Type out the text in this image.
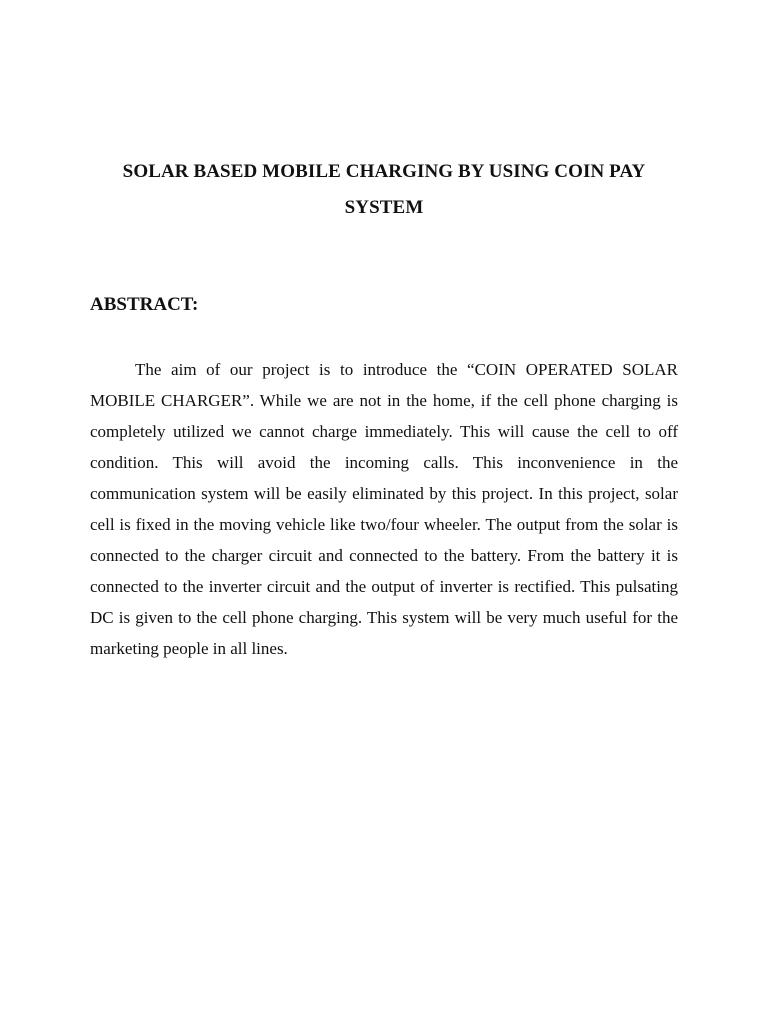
SOLAR BASED MOBILE CHARGING BY USING COIN PAY
SYSTEM
ABSTRACT:

The aim of our project is to introduce the “COIN OPERATED SOLAR MOBILE CHARGER”. While we are not in the home, if the cell phone charging is completely utilized we cannot charge immediately. This will cause the cell to off condition. This will avoid the incoming calls. This inconvenience in the communication system will be easily eliminated by this project. In this project, solar cell is fixed in the moving vehicle like two/four wheeler. The output from the solar is connected to the charger circuit and connected to the battery. From the battery it is connected to the inverter circuit and the output of inverter is rectified. This pulsating DC is given to the cell phone charging. This system will be very much useful for the marketing people in all lines.
